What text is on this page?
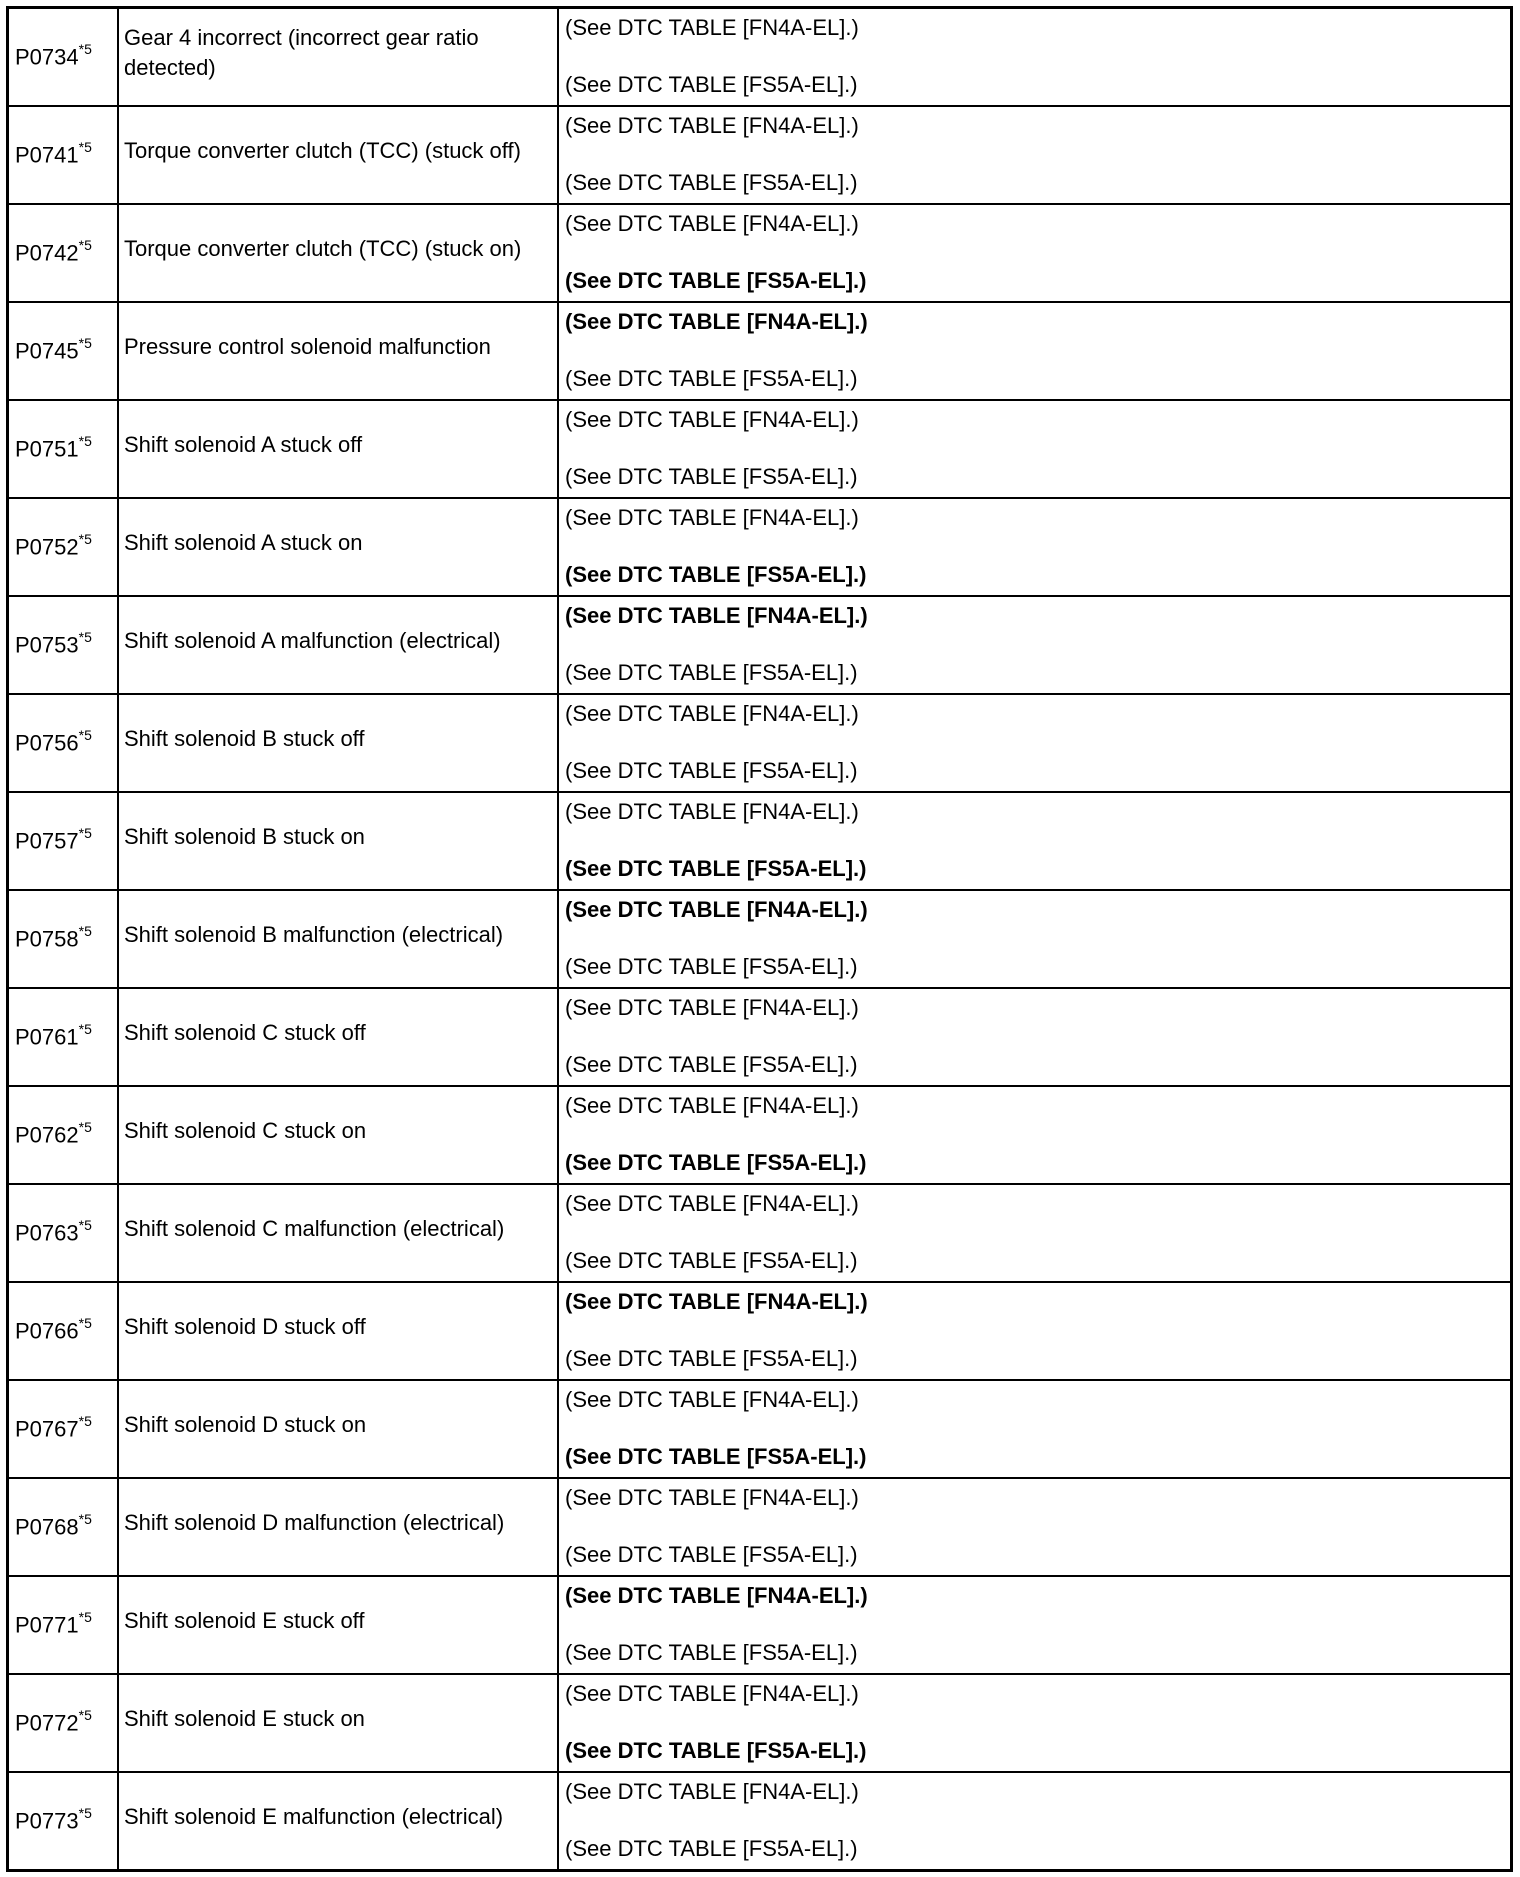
P0734$^{*5}$	Gear 4 incorrect (incorrect gear ratio detected)	(See DTC TABLE [FN4A-EL].)
(See DTC TABLE [FS5A-EL].)

P0741$^{*5}$	Torque converter clutch (TCC) (stuck off)	(See DTC TABLE [FN4A-EL].)
(See DTC TABLE [FS5A-EL].)

P0742$^{*5}$	Torque converter clutch (TCC) (stuck on)	(See DTC TABLE [FN4A-EL].)
(See DTC TABLE [FS5A-EL].)

P0745$^{*5}$	Pressure control solenoid malfunction	(See DTC TABLE [FN4A-EL].)
(See DTC TABLE [FS5A-EL].)

P0751$^{*5}$	Shift solenoid A stuck off	(See DTC TABLE [FN4A-EL].)
(See DTC TABLE [FS5A-EL].)

P0752$^{*5}$	Shift solenoid A stuck on	(See DTC TABLE [FN4A-EL].)
(See DTC TABLE [FS5A-EL].)

P0753$^{*5}$	Shift solenoid A malfunction (electrical)	(See DTC TABLE [FN4A-EL].)
(See DTC TABLE [FS5A-EL].)

P0756$^{*5}$	Shift solenoid B stuck off	(See DTC TABLE [FN4A-EL].)
(See DTC TABLE [FS5A-EL].)

P0757$^{*5}$	Shift solenoid B stuck on	(See DTC TABLE [FN4A-EL].)
(See DTC TABLE [FS5A-EL].)

P0758$^{*5}$	Shift solenoid B malfunction (electrical)	(See DTC TABLE [FN4A-EL].)
(See DTC TABLE [FS5A-EL].)

P0761$^{*5}$	Shift solenoid C stuck off	(See DTC TABLE [FN4A-EL].)
(See DTC TABLE [FS5A-EL].)

P0762$^{*5}$	Shift solenoid C stuck on	(See DTC TABLE [FN4A-EL].)
(See DTC TABLE [FS5A-EL].)

P0763$^{*5}$	Shift solenoid C malfunction (electrical)	(See DTC TABLE [FN4A-EL].)
(See DTC TABLE [FS5A-EL].)

P0766$^{*5}$	Shift solenoid D stuck off	(See DTC TABLE [FN4A-EL].)
(See DTC TABLE [FS5A-EL].)

P0767$^{*5}$	Shift solenoid D stuck on	(See DTC TABLE [FN4A-EL].)
(See DTC TABLE [FS5A-EL].)

P0768$^{*5}$	Shift solenoid D malfunction (electrical)	(See DTC TABLE [FN4A-EL].)
(See DTC TABLE [FS5A-EL].)

P0771$^{*5}$	Shift solenoid E stuck off	(See DTC TABLE [FN4A-EL].)
(See DTC TABLE [FS5A-EL].)

P0772$^{*5}$	Shift solenoid E stuck on	(See DTC TABLE [FN4A-EL].)
(See DTC TABLE [FS5A-EL].)

P0773$^{*5}$	Shift solenoid E malfunction (electrical)	(See DTC TABLE [FN4A-EL].)
(See DTC TABLE [FS5A-EL].)
